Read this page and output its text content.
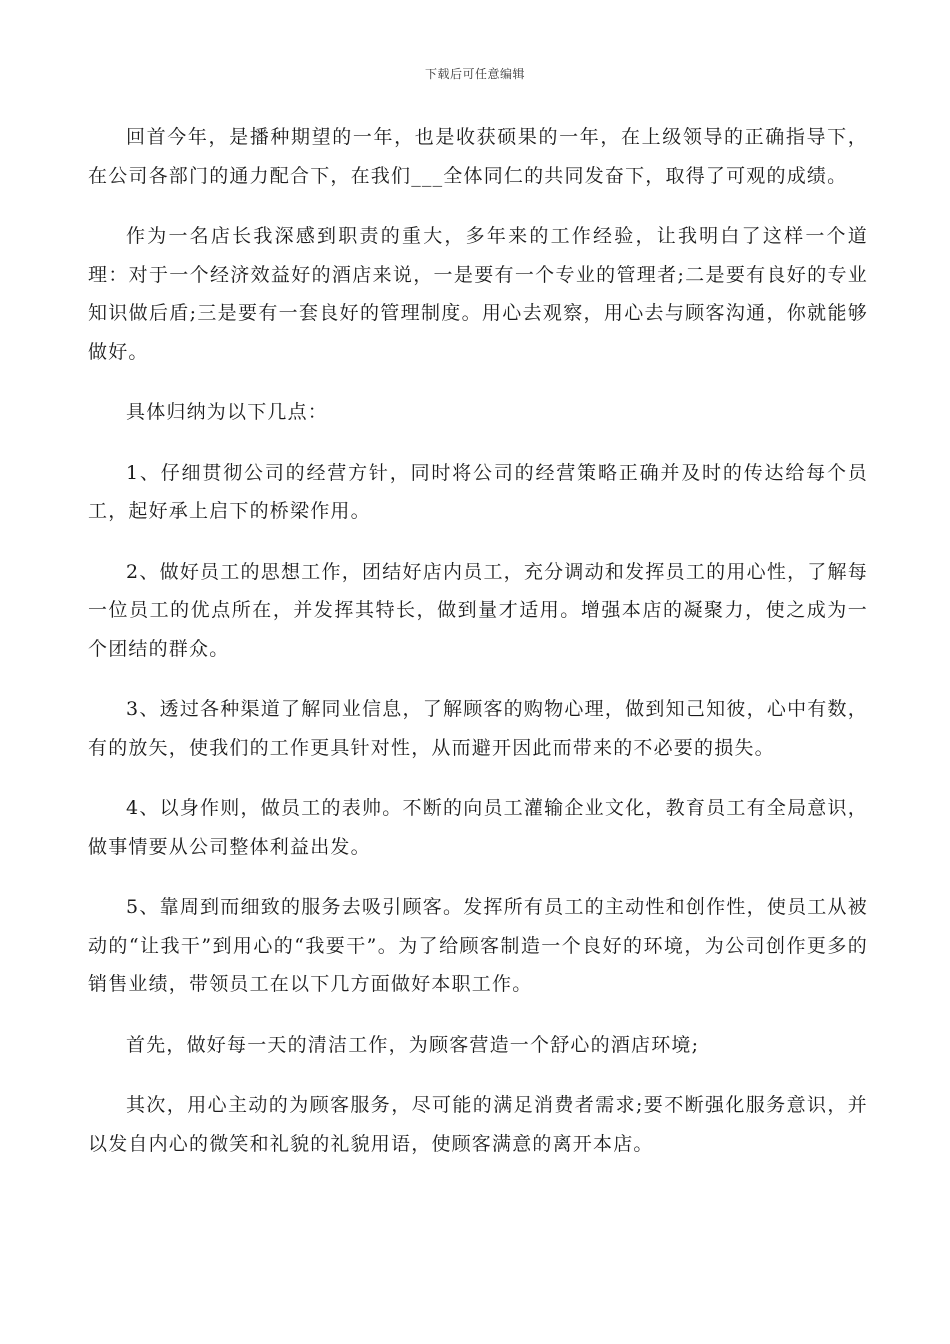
下载后可任意编辑

回首今年，是播种期望的一年，也是收获硕果的一年，在上级领导的正确指导下，在公司各部门的通力配合下，在我们___全体同仁的共同发奋下，取得了可观的成绩。

作为一名店长我深感到职责的重大，多年来的工作经验，让我明白了这样一个道理：对于一个经济效益好的酒店来说，一是要有一个专业的管理者;二是要有良好的专业知识做后盾;三是要有一套良好的管理制度。用心去观察，用心去与顾客沟通，你就能够做好。

具体归纳为以下几点：

1、仔细贯彻公司的经营方针，同时将公司的经营策略正确并及时的传达给每个员工，起好承上启下的桥梁作用。

2、做好员工的思想工作，团结好店内员工，充分调动和发挥员工的用心性，了解每一位员工的优点所在，并发挥其特长，做到量才适用。增强本店的凝聚力，使之成为一个团结的群众。

3、透过各种渠道了解同业信息，了解顾客的购物心理，做到知己知彼，心中有数，有的放矢，使我们的工作更具针对性，从而避开因此而带来的不必要的损失。

4、以身作则，做员工的表帅。不断的向员工灌输企业文化，教育员工有全局意识，做事情要从公司整体利益出发。

5、靠周到而细致的服务去吸引顾客。发挥所有员工的主动性和创作性，使员工从被动的“让我干”到用心的“我要干”。为了给顾客制造一个良好的环境，为公司创作更多的销售业绩，带领员工在以下几方面做好本职工作。

首先，做好每一天的清洁工作，为顾客营造一个舒心的酒店环境;

其次，用心主动的为顾客服务，尽可能的满足消费者需求;要不断强化服务意识，并以发自内心的微笑和礼貌的礼貌用语，使顾客满意的离开本店。
